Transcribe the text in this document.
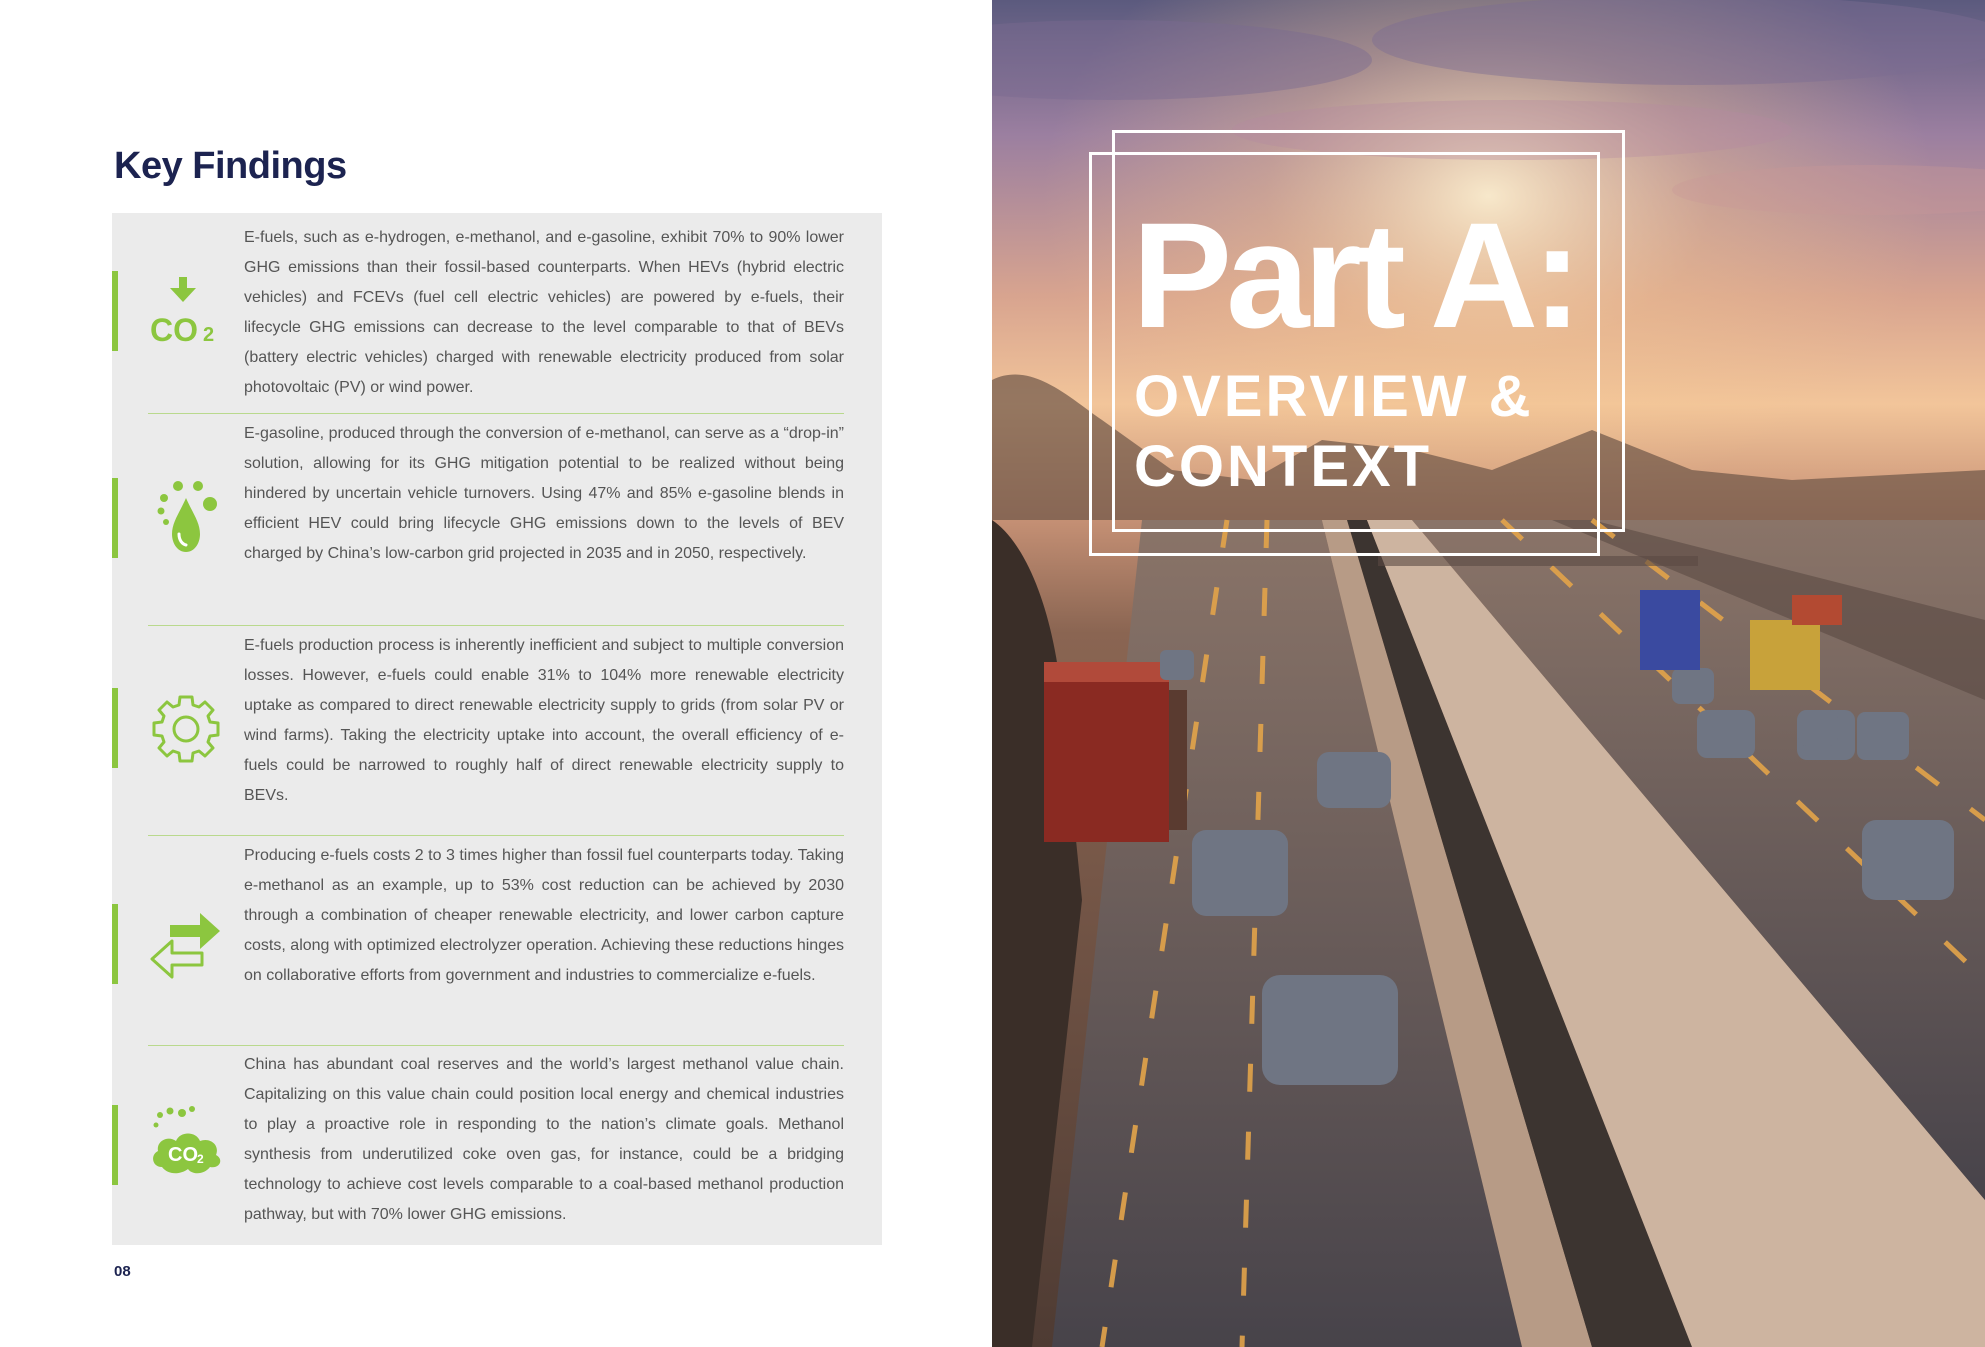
Key Findings
CO 2

E-fuels, such as e-hydrogen, e-methanol, and e-gasoline, exhibit 70% to 90% lower GHG emissions than their fossil-based counterparts. When HEVs (hybrid electric vehicles) and FCEVs (fuel cell electric vehicles) are powered by e-fuels, their lifecycle GHG emissions can decrease to the level comparable to that of BEVs (battery electric vehicles) charged with renewable electricity produced from solar photovoltaic (PV) or wind power.

E-gasoline, produced through the conversion of e-methanol, can serve as a “drop-in” solution, allowing for its GHG mitigation potential to be realized without being hindered by uncertain vehicle turnovers. Using 47% and 85% e-gasoline blends in efficient HEV could bring lifecycle GHG emissions down to the levels of BEV charged by China’s low-carbon grid projected in 2035 and in 2050, respectively.

E-fuels production process is inherently inefficient and subject to multiple conversion losses. However, e-fuels could enable 31% to 104% more renewable electricity uptake as compared to direct renewable electricity supply to grids (from solar PV or wind farms). Taking the electricity uptake into account, the overall efficiency of e-fuels could be narrowed to roughly half of direct renewable electricity supply to BEVs.

Producing e-fuels costs 2 to 3 times higher than fossil fuel counterparts today. Taking e-methanol as an example, up to 53% cost reduction can be achieved by 2030 through a combination of cheaper renewable electricity, and lower carbon capture costs, along with optimized electrolyzer operation. Achieving these reductions hinges on collaborative efforts from government and industries to commercialize e-fuels.

CO 2

China has abundant coal reserves and the world’s largest methanol value chain. Capitalizing on this value chain could position local energy and chemical industries to play a proactive role in responding to the nation’s climate goals. Methanol synthesis from underutilized coke oven gas, for instance, could be a bridging technology to achieve cost levels comparable to a coal-based methanol production pathway, but with 70% lower GHG emissions.

08
Part A:
OVERVIEW &
CONTEXT
